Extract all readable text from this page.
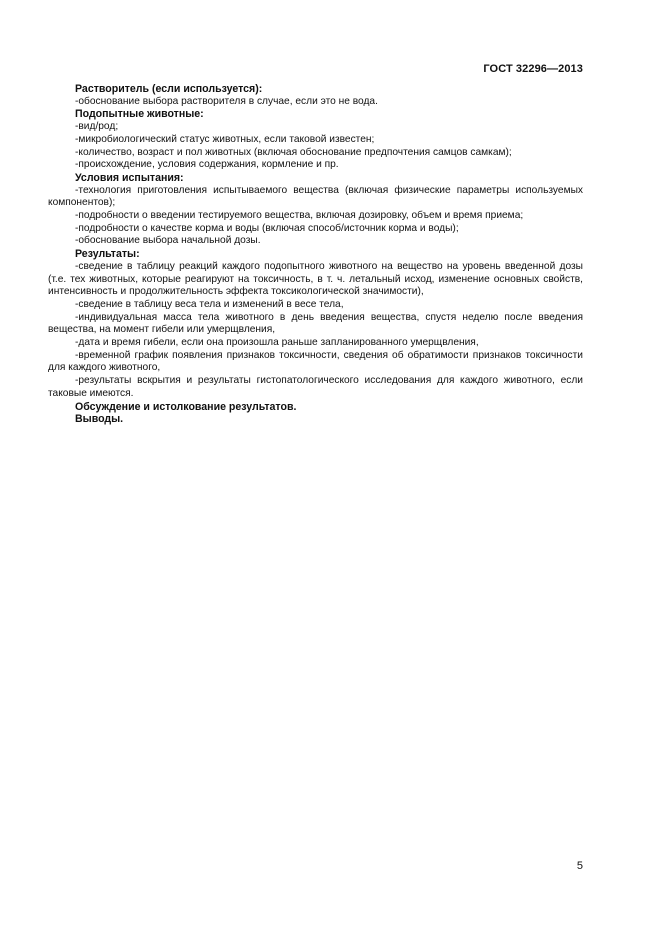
ГОСТ 32296—2013

Растворитель (если используется):

-обоснование выбора растворителя в случае, если это не вода.

Подопытные животные:

-вид/род;

-микробиологический статус животных, если таковой известен;

-количество, возраст и пол животных (включая обоснование предпочтения самцов самкам);

-происхождение, условия содержания, кормление и пр.

Условия испытания:

-технология приготовления испытываемого вещества (включая физические параметры используемых компонентов);

-подробности о введении тестируемого вещества, включая дозировку, объем и время приема;

-подробности о качестве корма и воды (включая способ/источник корма и воды);

-обоснование выбора начальной дозы.

Результаты:

-сведение в таблицу реакций каждого подопытного животного на вещество на уровень введенной дозы (т.е. тех животных, которые реагируют на токсичность, в т. ч. летальный исход, изменение основных свойств, интенсивность и продолжительность эффекта токсикологической значимости),

-сведение в таблицу веса тела и изменений в весе тела,

-индивидуальная масса тела животного в день введения вещества, спустя неделю после введения вещества, на момент гибели или умерщвления,

-дата и время гибели, если она произошла раньше запланированного умерщвления,

-временной график появления признаков токсичности, сведения об обратимости признаков токсичности для каждого животного,

-результаты вскрытия и результаты гистопатологического исследования для каждого животного, если таковые имеются.

Обсуждение и истолкование результатов.

Выводы.

5
